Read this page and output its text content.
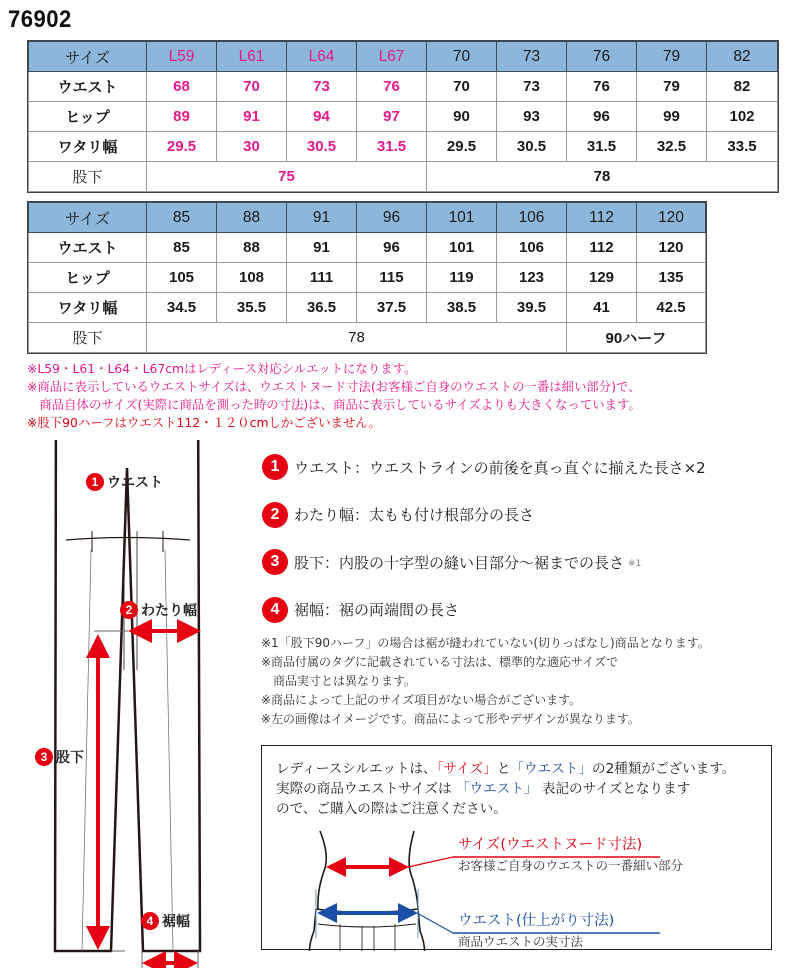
76902
サイズ	L59	L61	L64	L67	70	73	76	79	82
ウエスト	68	70	73	76	70	73	76	79	82
ヒップ	89	91	94	97	90	93	96	99	102
ワタリ幅	29.5	30	30.5	31.5	29.5	30.5	31.5	32.5	33.5
股下	75				78				
サイズ	85	88	91	96	101	106	112	120
ウエスト	85	88	91	96	101	106	112	120
ヒップ	105	108	111	115	119	123	129	135
ワタリ幅	34.5	35.5	36.5	37.5	38.5	39.5	41	42.5
股下	78						90ハーフ	
※L59・L61・L64・L67cmはレディース対応シルエットになります。
※商品に表示しているウエストサイズは、ウエストヌード寸法(お客様ご自身のウエストの一番は細い部分)で、
　商品自体のサイズ(実際に商品を測った時の寸法)は、商品に表示しているサイズよりも大きくなっています。
※股下90ハーフはウエスト112・１２０cmしかございません。
1 ウエスト
2 わたり幅
3 股下
4 裾幅
1 ウエスト ：ウエストラインの前後を真っ直ぐに揃えた長さ×2
2 わたり幅 ：太もも付け根部分の長さ
3 股下 ：内股の十字型の縫い目部分～裾までの長さ $^{※1}$
4 裾幅 ：裾の両端間の長さ
※1「股下90ハーフ」の場合は裾が縫われていない(切りっぱなし)商品となります。
※商品付属のタグに記載されている寸法は、標準的な適応サイズで
商品実寸とは異なります。
※商品によって上記のサイズ項目がない場合がございます。
※左の画像はイメージです。商品によって形やデザインが異なります。
レディースシルエットは、「サイズ」と「ウエスト」の2種類がございます。
実際の商品ウエストサイズは 「ウエスト」 表記のサイズとなります
ので、ご購入の際はご注意ください。
サイズ(ウエストヌード寸法)
お客様ご自身のウエストの一番細い部分
ウエスト(仕上がり寸法)
商品ウエストの実寸法
